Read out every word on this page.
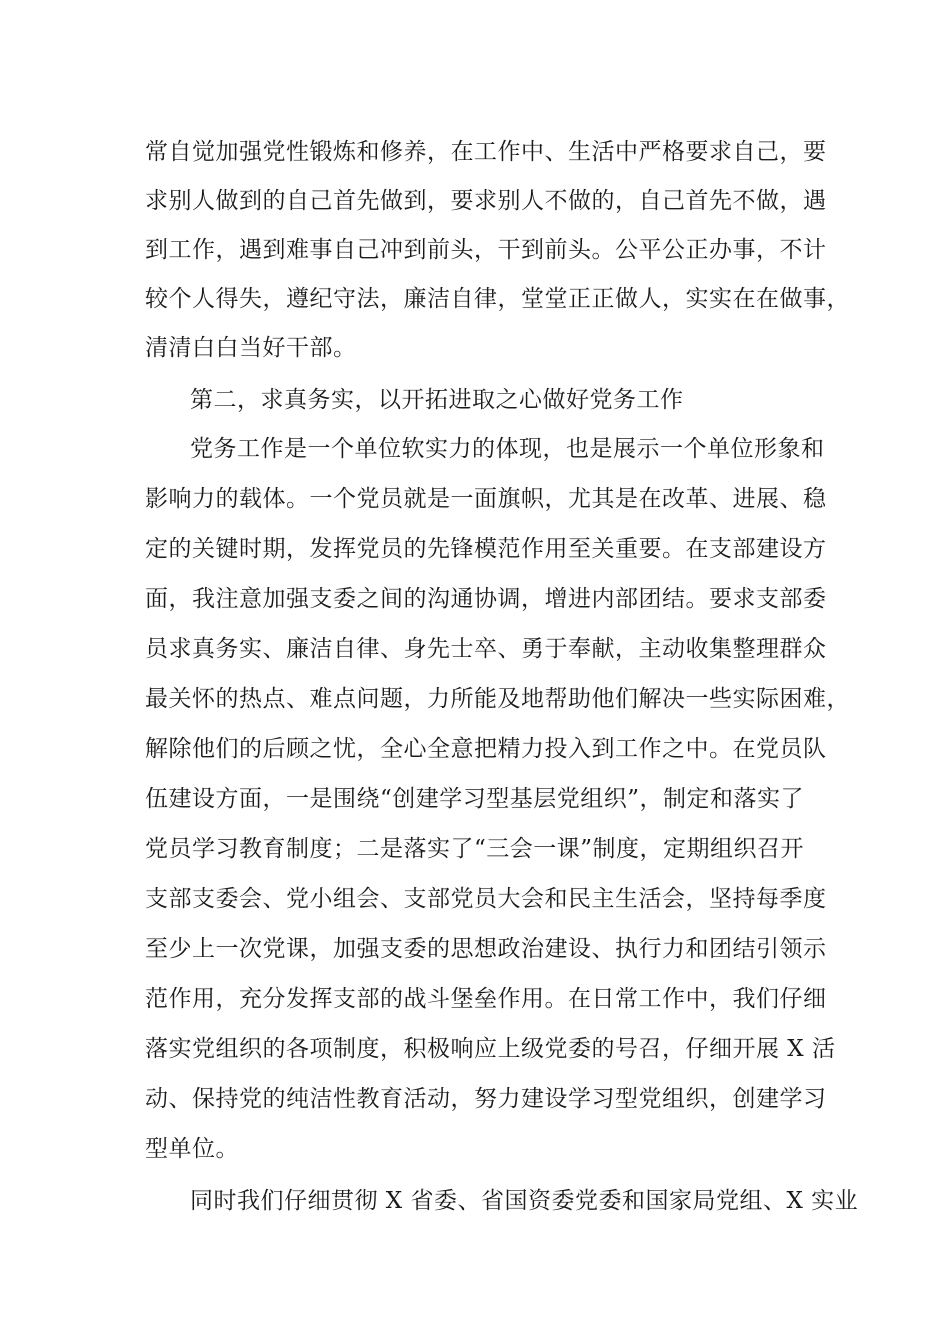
常自觉加强党性锻炼和修养，在工作中、生活中严格要求自己，要
求别人做到的自己首先做到，要求别人不做的，自己首先不做，遇
到工作，遇到难事自己冲到前头，干到前头。公平公正办事，不计
较个人得失，遵纪守法，廉洁自律，堂堂正正做人，实实在在做事，
清清白白当好干部。
第二，求真务实，以开拓进取之心做好党务工作
党务工作是一个单位软实力的体现，也是展示一个单位形象和
影响力的载体。一个党员就是一面旗帜，尤其是在改革、进展、稳
定的关键时期，发挥党员的先锋模范作用至关重要。在支部建设方
面，我注意加强支委之间的沟通协调，增进内部团结。要求支部委
员求真务实、廉洁自律、身先士卒、勇于奉献，主动收集整理群众
最关怀的热点、难点问题，力所能及地帮助他们解决一些实际困难，
解除他们的后顾之忧，全心全意把精力投入到工作之中。在党员队
伍建设方面，一是围绕“创建学习型基层党组织”，制定和落实了
党员学习教育制度；二是落实了“三会一课”制度，定期组织召开
支部支委会、党小组会、支部党员大会和民主生活会，坚持每季度
至少上一次党课，加强支委的思想政治建设、执行力和团结引领示
范作用，充分发挥支部的战斗堡垒作用。在日常工作中，我们仔细
落实党组织的各项制度，积极响应上级党委的号召，仔细开展 X 活
动、保持党的纯洁性教育活动，努力建设学习型党组织，创建学习
型单位。
同时我们仔细贯彻 X 省委、省国资委党委和国家局党组、X 实业
